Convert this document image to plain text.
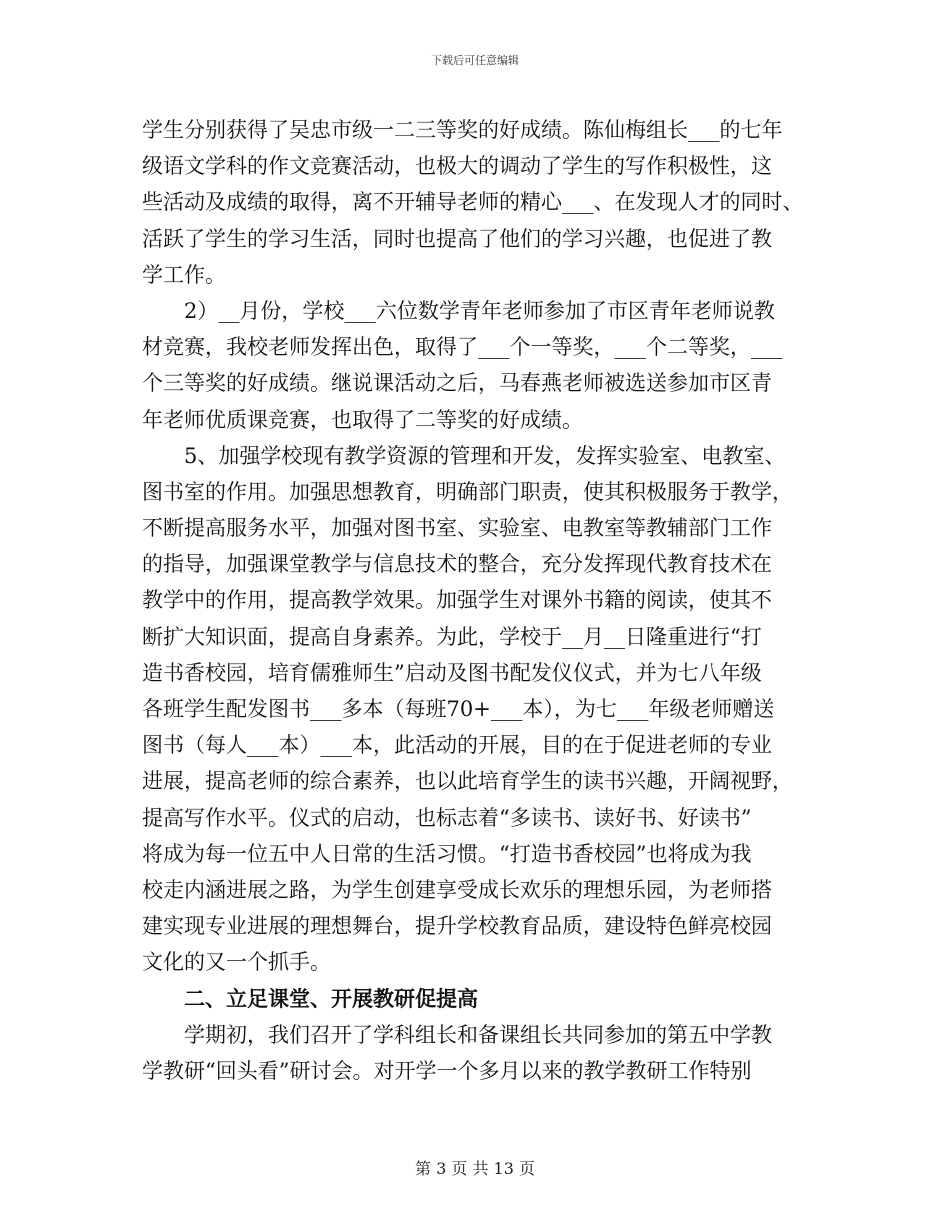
下载后可任意编辑
学生分别获得了吴忠市级一二三等奖的好成绩。陈仙梅组长___的七年
级语文学科的作文竞赛活动，也极大的调动了学生的写作积极性，这
些活动及成绩的取得，离不开辅导老师的精心___、在发现人才的同时、
活跃了学生的学习生活，同时也提高了他们的学习兴趣，也促进了教
学工作。
2）__月份，学校___六位数学青年老师参加了市区青年老师说教
材竞赛，我校老师发挥出色，取得了___个一等奖，___个二等奖，___
个三等奖的好成绩。继说课活动之后，马春燕老师被选送参加市区青
年老师优质课竞赛，也取得了二等奖的好成绩。
5、加强学校现有教学资源的管理和开发，发挥实验室、电教室、
图书室的作用。加强思想教育，明确部门职责，使其积极服务于教学，
不断提高服务水平，加强对图书室、实验室、电教室等教辅部门工作
的指导，加强课堂教学与信息技术的整合，充分发挥现代教育技术在
教学中的作用，提高教学效果。加强学生对课外书籍的阅读，使其不
断扩大知识面，提高自身素养。为此，学校于__月__日隆重进行“打
造书香校园，培育儒雅师生”启动及图书配发仪仪式，并为七八年级
各班学生配发图书___多本（每班70+___本），为七___年级老师赠送
图书（每人___本）___本，此活动的开展，目的在于促进老师的专业
进展，提高老师的综合素养，也以此培育学生的读书兴趣，开阔视野，
提高写作水平。仪式的启动，也标志着“多读书、读好书、好读书”
将成为每一位五中人日常的生活习惯。“打造书香校园”也将成为我
校走内涵进展之路，为学生创建享受成长欢乐的理想乐园，为老师搭
建实现专业进展的理想舞台，提升学校教育品质，建设特色鲜亮校园
文化的又一个抓手。
二、立足课堂、开展教研促提高
学期初，我们召开了学科组长和备课组长共同参加的第五中学教
学教研“回头看”研讨会。对开学一个多月以来的教学教研工作特别
第 3 页 共 13 页
